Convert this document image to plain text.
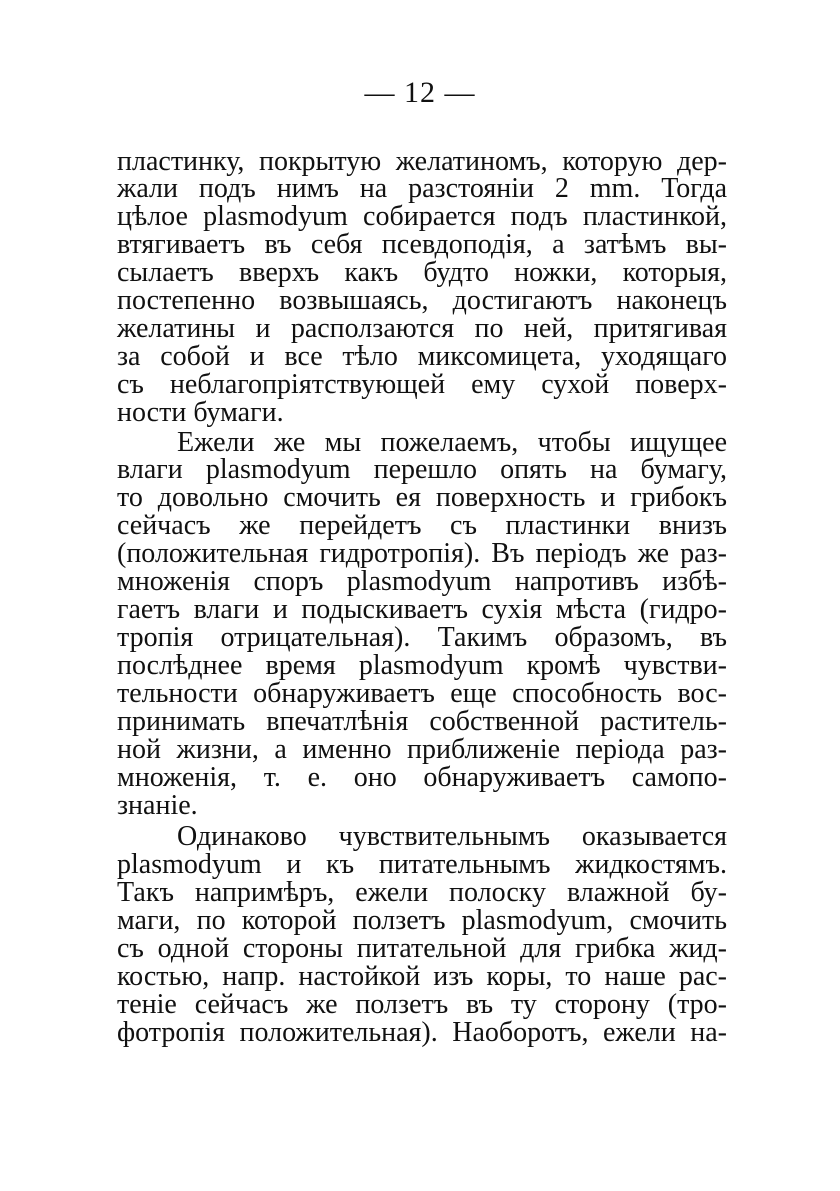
— 12 —
пластинку, покрытую желатиномъ, которую дер-
жали подъ нимъ на разстоянiи 2 mm. Тогда
цѣлое plasmodyum собирается подъ пластинкой,
втягиваетъ въ себя псевдоподiя, а затѣмъ вы-
сылаетъ вверхъ какъ будто ножки, которыя,
постепенно возвышаясь, достигаютъ наконецъ
желатины и расползаются по ней, притягивая
за собой и все тѣло миксомицета, уходящаго
съ неблагопрiятствующей ему сухой поверх-
ности бумаги.
Ежели же мы пожелаемъ, чтобы ищущее
влаги plasmodyum перешло опять на бумагу,
то довольно смочить ея поверхность и грибокъ
сейчасъ же перейдетъ съ пластинки внизъ
(положительная гидротропiя). Въ перiодъ же раз-
множенiя споръ plasmodyum напротивъ избѣ-
гаетъ влаги и подыскиваетъ сухiя мѣста (гидро-
тропiя отрицательная). Такимъ образомъ, въ
послѣднее время plasmodyum кромѣ чувстви-
тельности обнаруживаетъ еще способность вос-
принимать впечатлѣнiя собственной раститель-
ной жизни, а именно приближенiе перiода раз-
множенiя, т. е. оно обнаруживаетъ самопо-
знанiе.
Одинаково чувствительнымъ оказывается
plasmodyum и къ питательнымъ жидкостямъ.
Такъ напримѣръ, ежели полоску влажной бу-
маги, по которой ползетъ plasmodyum, смочить
съ одной стороны питательной для грибка жид-
костью, напр. настойкой изъ коры, то наше рас-
тенiе сейчасъ же ползетъ въ ту сторону (тро-
фотропiя положительная). Наоборотъ, ежели на-
